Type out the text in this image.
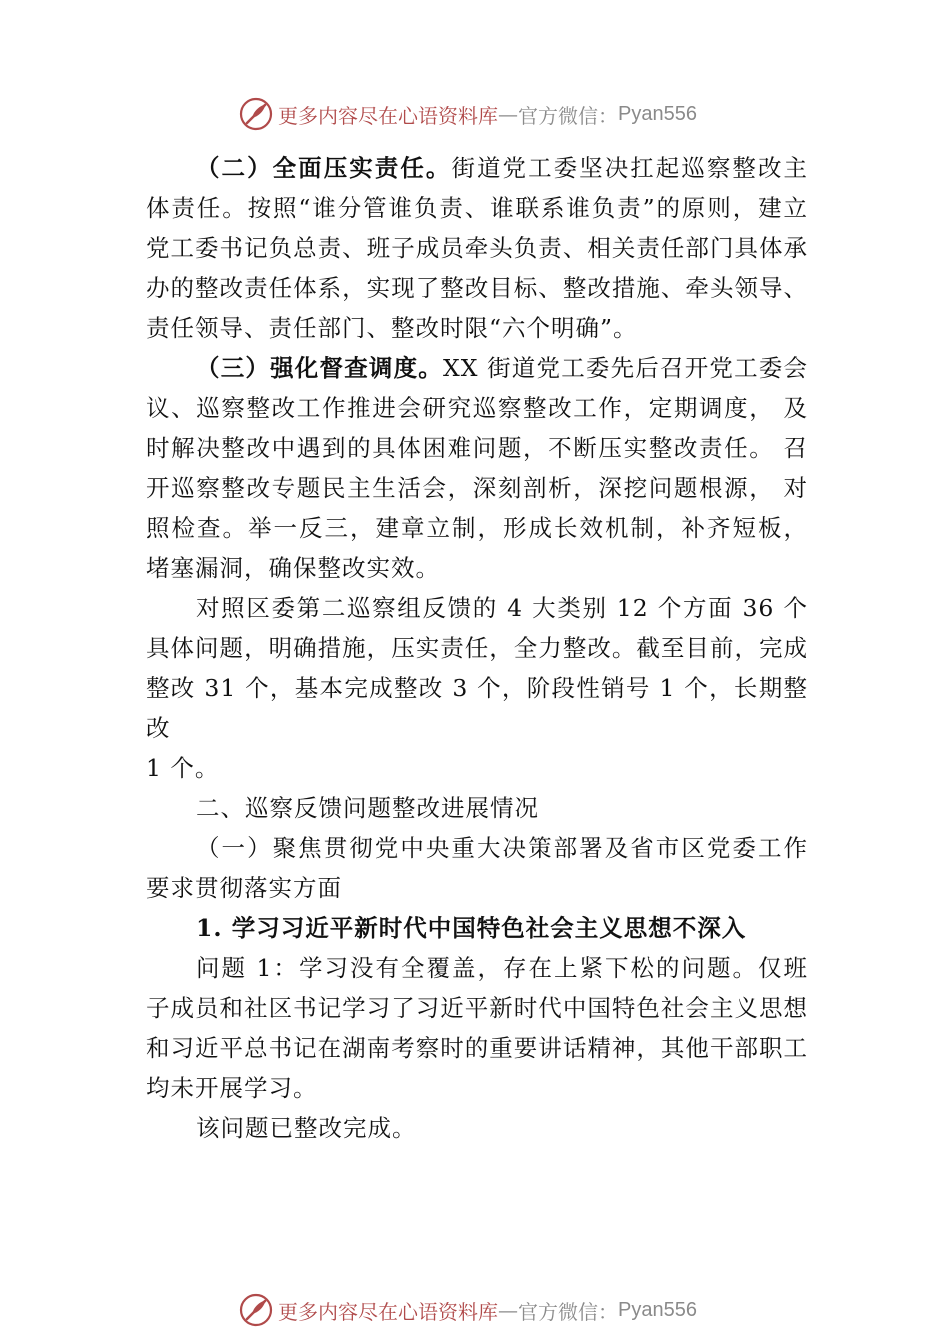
更多内容尽在心语资料库 — 官方微信： Pyan556

（二）全面压实责任。街道党工委坚决扛起巡察整改主体责任。按照“谁分管谁负责、谁联系谁负责”的原则，建立党工委书记负总责、班子成员牵头负责、相关责任部门具体承办的整改责任体系，实现了整改目标、整改措施、牵头领导、责任领导、责任部门、整改时限“六个明确”。

（三）强化督查调度。XX 街道党工委先后召开党工委会议、巡察整改工作推进会研究巡察整改工作，定期调度， 及时解决整改中遇到的具体困难问题，不断压实整改责任。 召开巡察整改专题民主生活会，深刻剖析，深挖问题根源， 对照检查。举一反三，建章立制，形成长效机制，补齐短板， 堵塞漏洞，确保整改实效。

对照区委第二巡察组反馈的 4 大类别 12 个方面 36 个具体问题，明确措施，压实责任，全力整改。截至目前，完成整改 31 个，基本完成整改 3 个，阶段性销号 1 个，长期整改

1 个。

二、巡察反馈问题整改进展情况

（一）聚焦贯彻党中央重大决策部署及省市区党委工作要求贯彻落实方面

1. 学习习近平新时代中国特色社会主义思想不深入

问题 1：学习没有全覆盖，存在上紧下松的问题。仅班子成员和社区书记学习了习近平新时代中国特色社会主义思想和习近平总书记在湖南考察时的重要讲话精神，其他干部职工均未开展学习。

该问题已整改完成。

更多内容尽在心语资料库 — 官方微信： Pyan556
